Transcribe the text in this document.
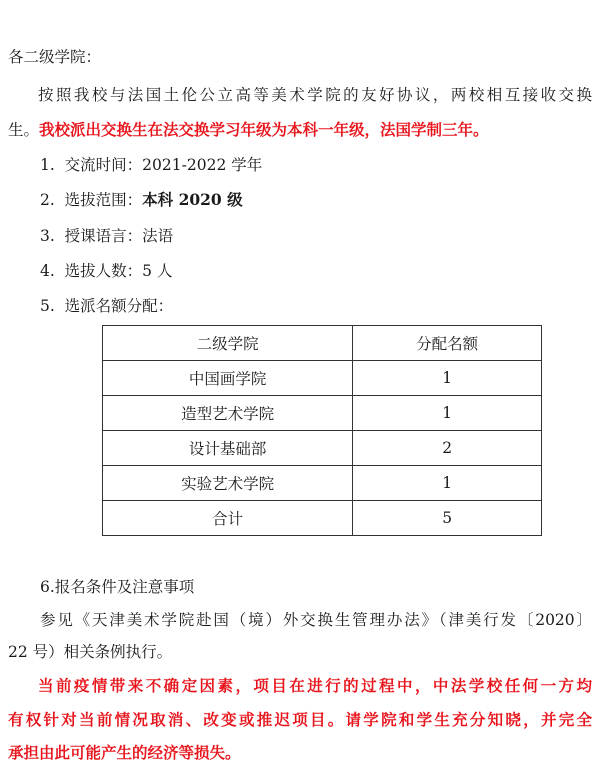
各二级学院：
按照我校与法国土伦公立高等美术学院的友好协议，两校相互接收交换
生。我校派出交换生在法交换学习年级为本科一年级，法国学制三年。
1. 交流时间：2021-2022 学年
2. 选拔范围：本科 2020 级
3. 授课语言：法语
4. 选拔人数：5 人
5. 选派名额分配：
二级学院	分配名额
中国画学院	1
造型艺术学院	1
设计基础部	2
实验艺术学院	1
合计	5
6.报名条件及注意事项
参见《天津美术学院赴国（境）外交换生管理办法》（津美行发〔2020〕
22 号）相关条例执行。
当前疫情带来不确定因素，项目在进行的过程中，中法学校任何一方均
有权针对当前情况取消、改变或推迟项目。请学院和学生充分知晓，并完全
承担由此可能产生的经济等损失。
